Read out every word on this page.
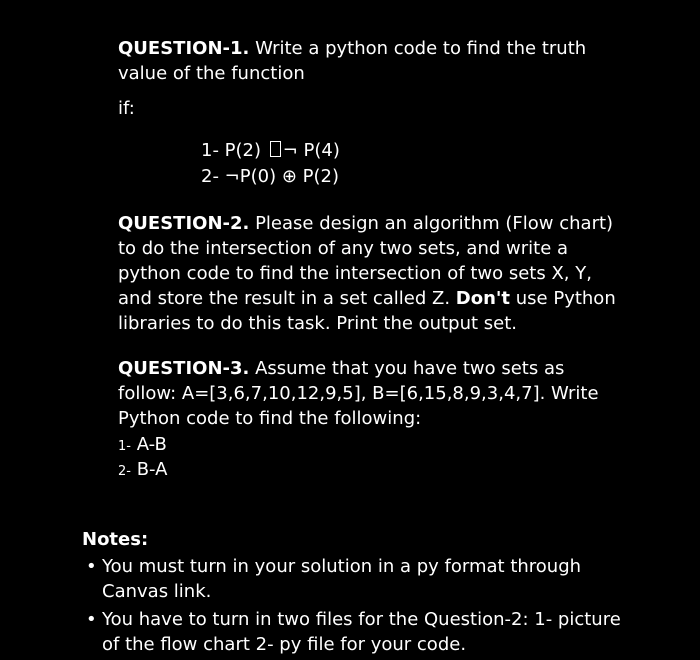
QUESTION-1. Write a python code to find the truth value of the function
if:
1- P(2) ¬ P(4)
2- ¬P(0) ⊕ P(2)
QUESTION-2. Please design an algorithm (Flow chart) to do the intersection of any two sets, and write a python code to find the intersection of two sets X, Y, and store the result in a set called Z. Don't use Python libraries to do this task. Print the output set.
QUESTION-3. Assume that you have two sets as follow: A=[3,6,7,10,12,9,5], B=[6,15,8,9,3,4,7]. Write Python code to find the following:
1- A-B
2- B-A
Notes:
• You must turn in your solution in a py format through Canvas link.
• You have to turn in two files for the Question-2: 1- picture of the flow chart 2- py file for your code.
